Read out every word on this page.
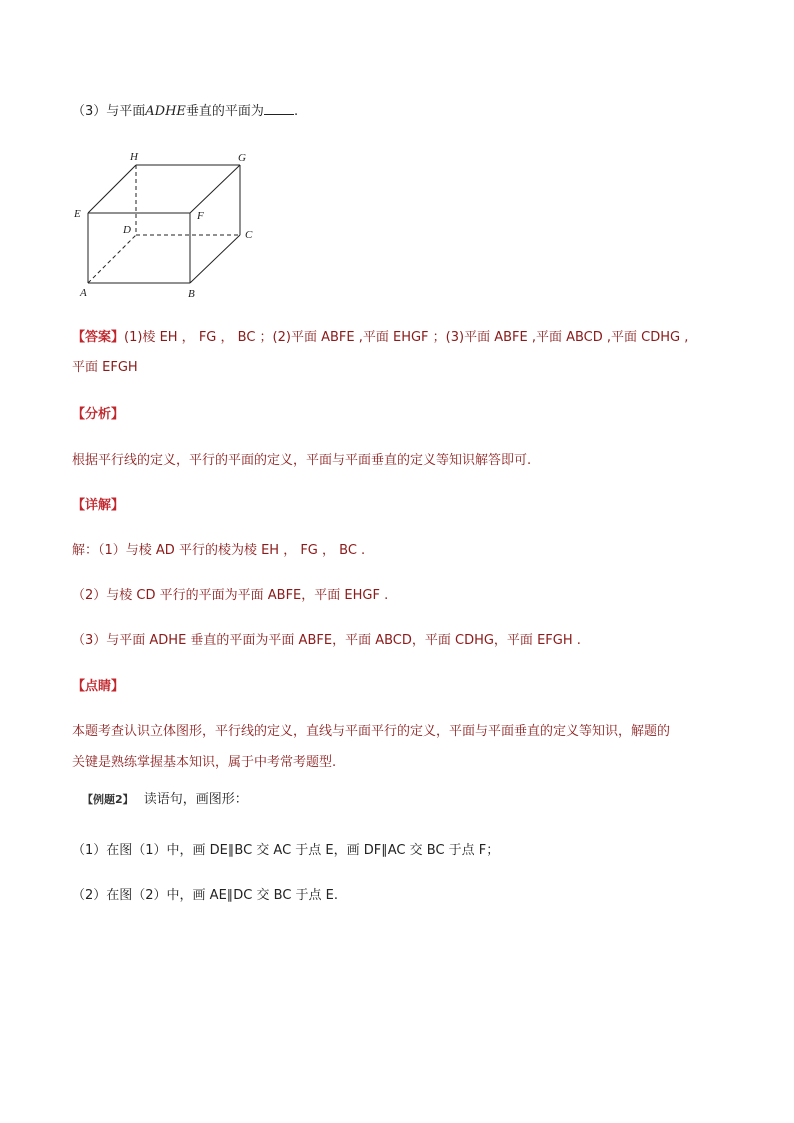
（3）与平面ADHE垂直的平面为 .
H	G
E	F
D	C
A	B
【答案】(1)棱 EH ， FG ， BC ；(2)平面 ABFE ,平面 EHGF ；(3)平面 ABFE ,平面 ABCD ,平面 CDHG ,
平面 EFGH
【分析】
根据平行线的定义，平行的平面的定义，平面与平面垂直的定义等知识解答即可.
【详解】
解：（1）与棱 AD 平行的棱为棱 EH ， FG ， BC .
（2）与棱 CD 平行的平面为平面 ABFE，平面 EHGF .
（3）与平面 ADHE 垂直的平面为平面 ABFE，平面 ABCD，平面 CDHG，平面 EFGH .
【点睛】
本题考查认识立体图形，平行线的定义，直线与平面平行的定义，平面与平面垂直的定义等知识，解题的
关键是熟练掌握基本知识，属于中考常考题型.
【例题2】 读语句，画图形：
（1）在图（1）中，画 DE∥BC 交 AC 于点 E，画 DF∥AC 交 BC 于点 F；
（2）在图（2）中，画 AE∥DC 交 BC 于点 E.
